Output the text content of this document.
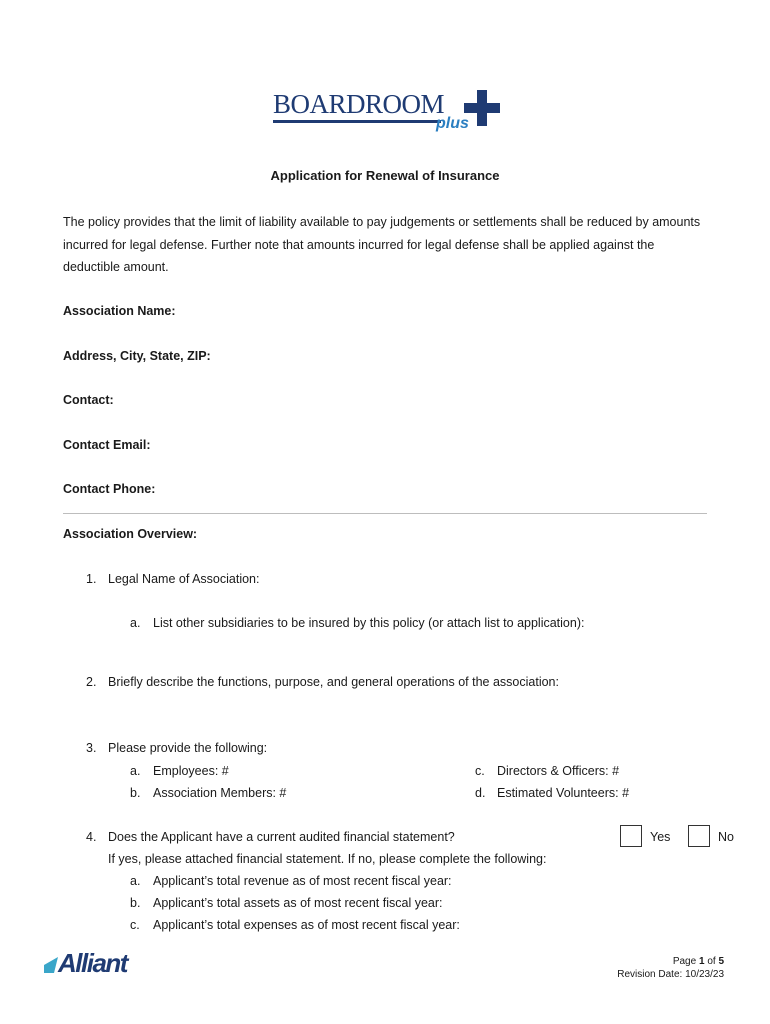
BOARDROOM
plus
Application for Renewal of Insurance
The policy provides that the limit of liability available to pay judgements or settlements shall be reduced by amounts incurred for legal defense. Further note that amounts incurred for legal defense shall be applied against the deductible amount.
Association Name:
Address, City, State, ZIP:
Contact:
Contact Email:
Contact Phone:
Association Overview:
1. Legal Name of Association:
a. List other subsidiaries to be insured by this policy (or attach list to application):
2. Briefly describe the functions, purpose, and general operations of the association:
3. Please provide the following:
a. Employees: #	c. Directors & Officers: #
b. Association Members: #	d. Estimated Volunteers: #
4. Does the Applicant have a current audited financial statement?	Yes	No
If yes, please attached financial statement. If no, please complete the following:
a. Applicant’s total revenue as of most recent fiscal year:
b. Applicant’s total assets as of most recent fiscal year:
c. Applicant’s total expenses as of most recent fiscal year:
Alliant	Page 1 of 5
Revision Date: 10/23/23
